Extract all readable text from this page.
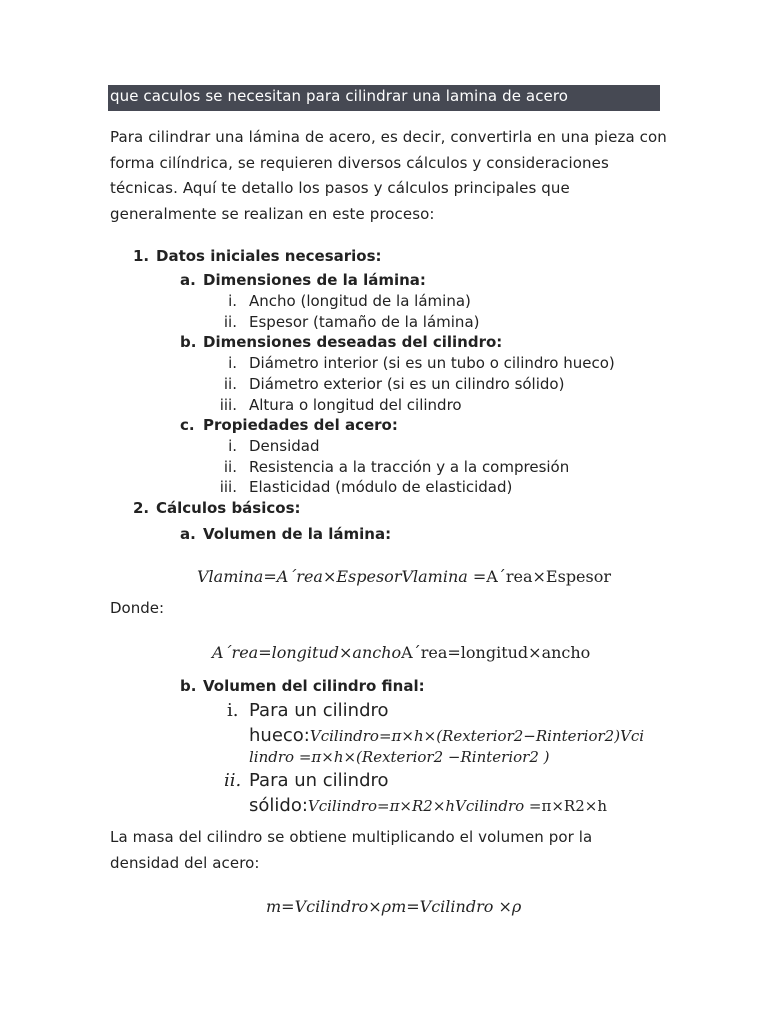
que caculos se necesitan para cilindrar una lamina de acero
Para cilindrar una lámina de acero, es decir, convertirla en una pieza con forma cilíndrica, se requieren diversos cálculos y consideraciones técnicas. Aquí te detallo los pasos y cálculos principales que generalmente se realizan en este proceso:
1. Datos iniciales necesarios:
a. Dimensiones de la lámina:
i. Ancho (longitud de la lámina)
ii. Espesor (tamaño de la lámina)
b. Dimensiones deseadas del cilindro:
i. Diámetro interior (si es un tubo o cilindro hueco)
ii. Diámetro exterior (si es un cilindro sólido)
iii. Altura o longitud del cilindro
c. Propiedades del acero:
i. Densidad
ii. Resistencia a la tracción y a la compresión
iii. Elasticidad (módulo de elasticidad)
2. Cálculos básicos:
a. Volumen de la lámina:
Vlamina=A´rea×EspesorVlamina =A´rea×Espesor
Donde:
A´rea=longitud×anchoA´rea=longitud×ancho
b. Volumen del cilindro final:
i. Para un cilindro
hueco:Vcilindro=π×h×(Rexterior2−Rinterior2)Vci
lindro =π×h×(Rexterior2 −Rinterior2 )
ii. Para un cilindro
sólido:Vcilindro=π×R2×hVcilindro =π×R2×h
La masa del cilindro se obtiene multiplicando el volumen por la densidad del acero:
m=Vcilindro×ρm=Vcilindro ×ρ
